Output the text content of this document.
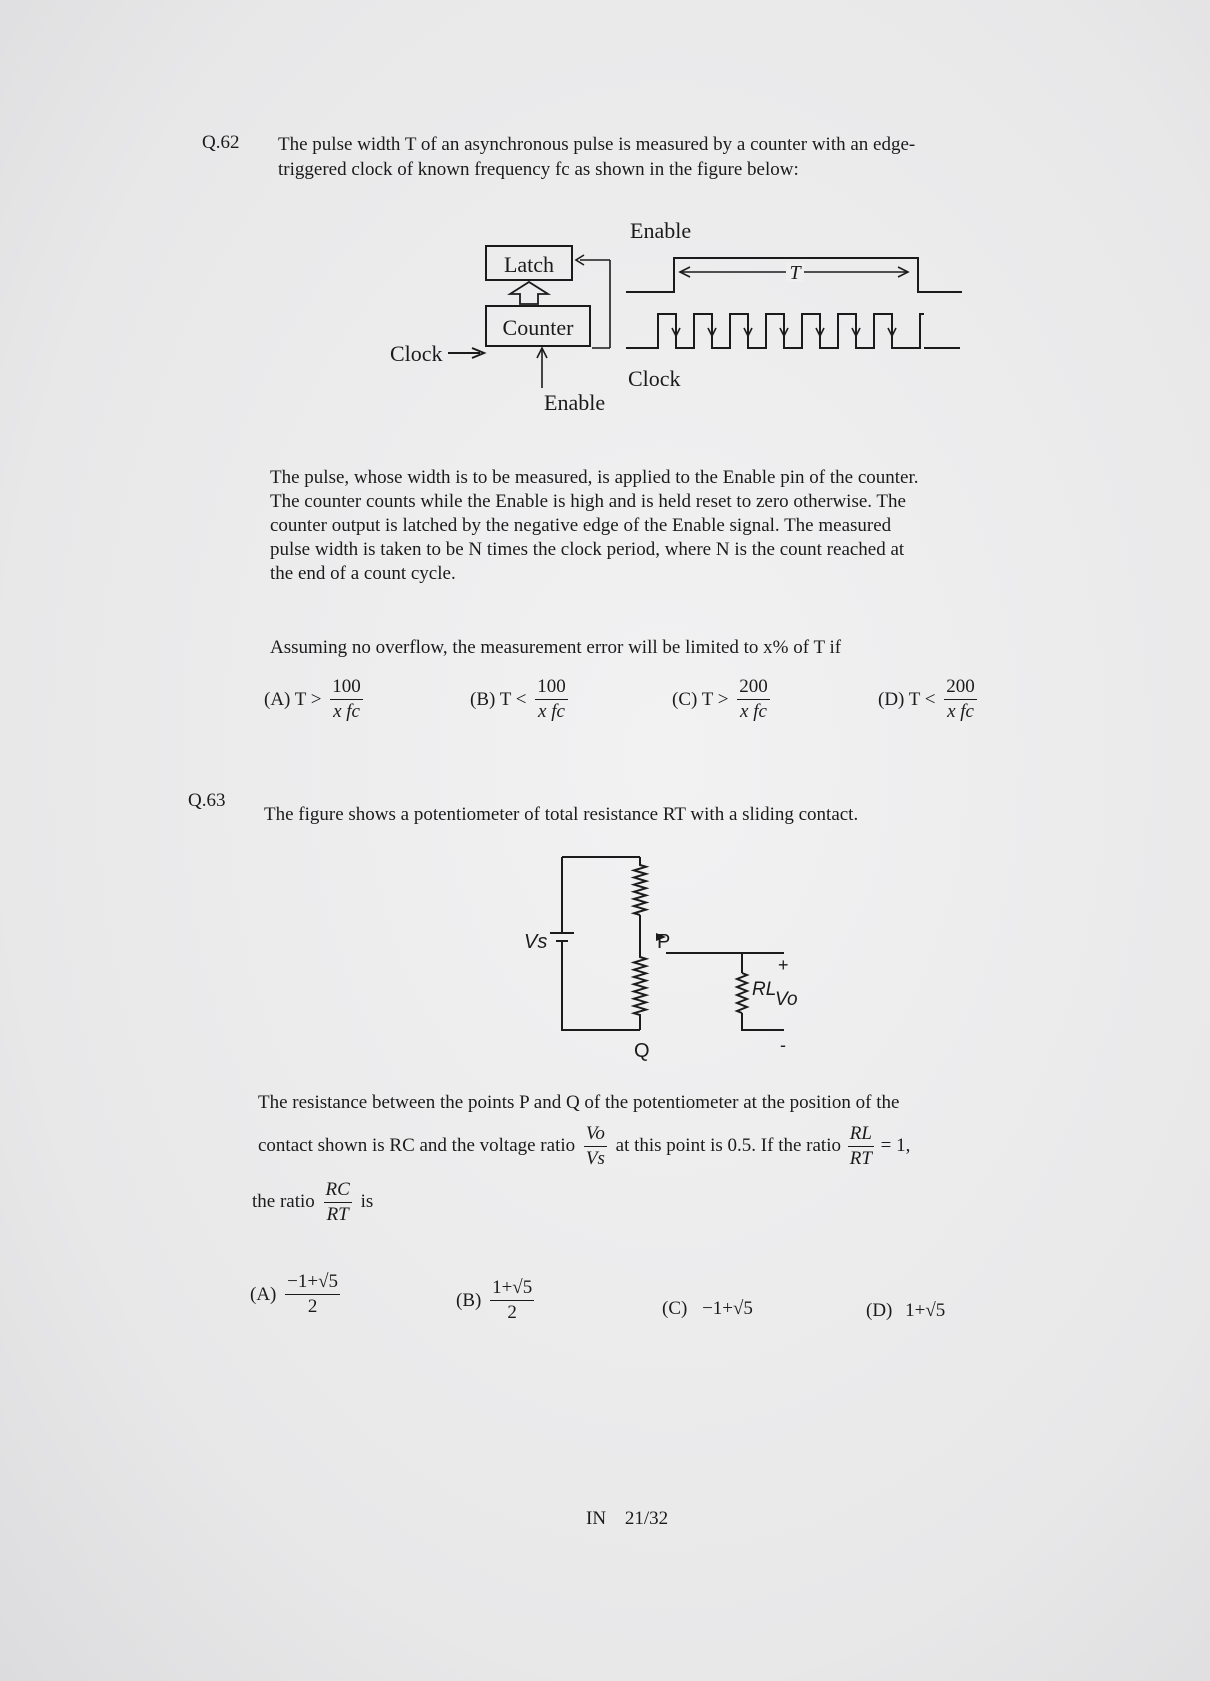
Q.62 The pulse width T of an asynchronous pulse is measured by a counter with an edge-
triggered clock of known frequency fc as shown in the figure below:
Latch
Counter
Clock
Enable
Enable
T
Clock
The pulse, whose width is to be measured, is applied to the Enable pin of the counter.
The counter counts while the Enable is high and is held reset to zero otherwise. The
counter output is latched by the negative edge of the Enable signal. The measured
pulse width is taken to be N times the clock period, where N is the count reached at
the end of a count cycle.
Assuming no overflow, the measurement error will be limited to x% of T if
(A) $T > \frac{100}{\text{x fc}}$	(B) $T < \frac{100}{\text{x fc}}$	(C) $T > \frac{200}{\text{x fc}}$	(D) $T < \frac{200}{\text{x fc}}$
Q.63
The figure shows a potentiometer of total resistance RT with a sliding contact.
Vs	P
RL
+
-
Vo
Q
The resistance between the points P and Q of the potentiometer at the position of the
contact shown is RC and the voltage ratio $\frac{Vo}{Vs}$ at this point is 0.5. If the ratio $\frac{RL}{RT} = 1$,
the ratio $\frac{RC}{RT}$ is
$(A) \frac{-1+√5}{2}$	$(B) \frac{1+√5}{2}$	(C) −1+√5	(D) 1+√5
IN 21/32
